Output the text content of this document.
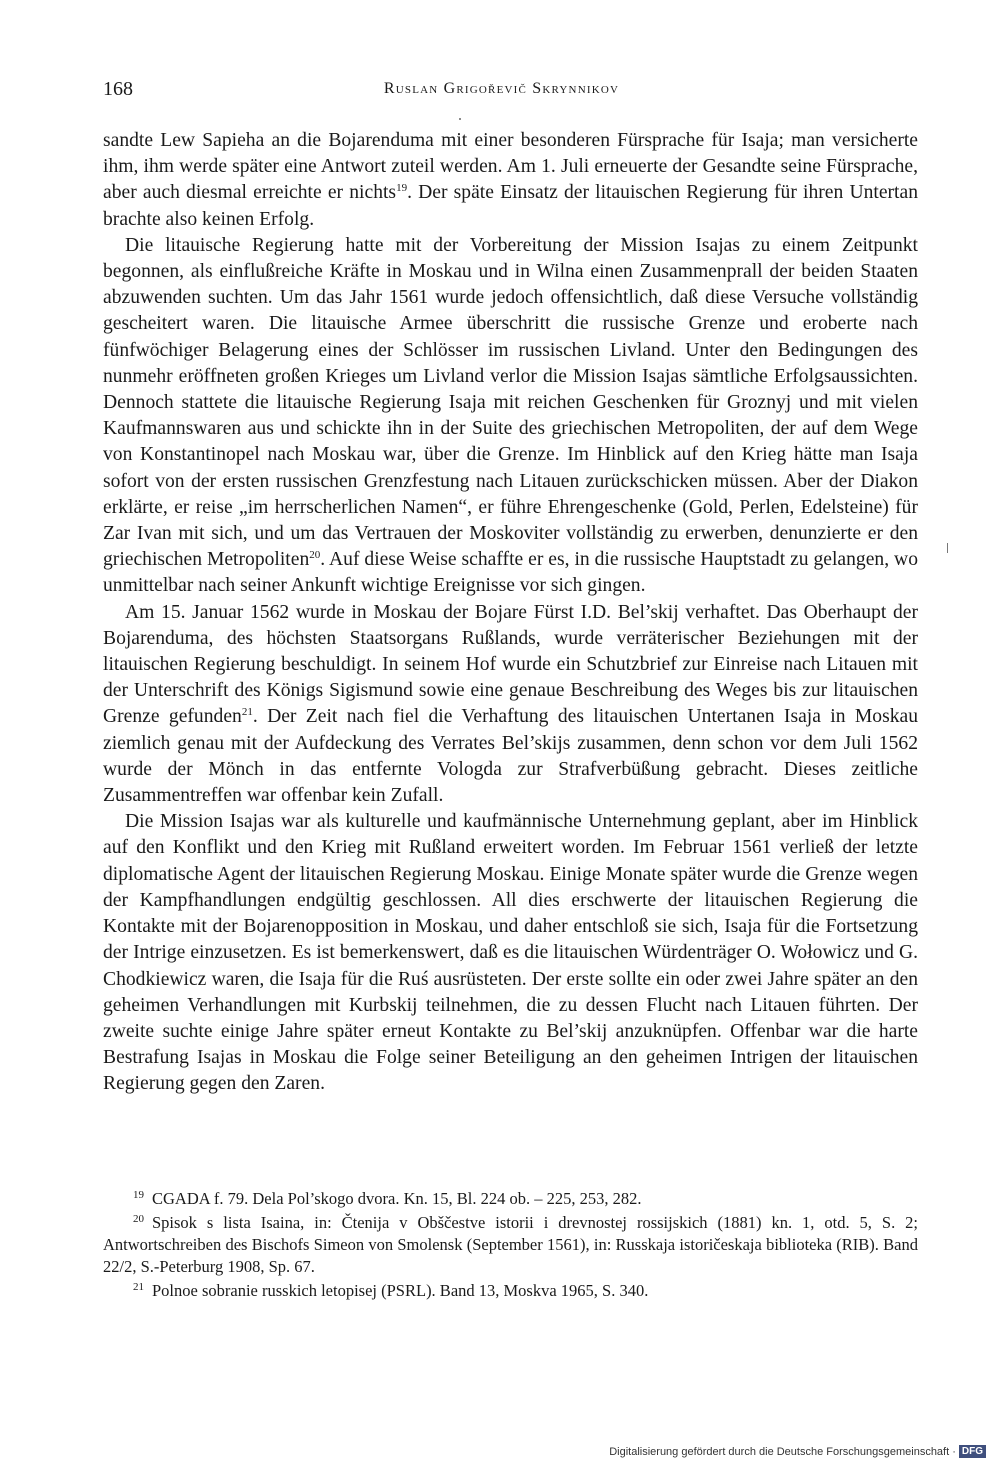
168	Ruslan Grigořevič Skrynnikov

sandte Lew Sapieha an die Bojarenduma mit einer besonderen Fürsprache für Isaja; man versicherte ihm, ihm werde später eine Antwort zuteil werden. Am 1. Juli erneuerte der Gesandte seine Fürsprache, aber auch diesmal erreichte er nichts$^{19}$. Der späte Einsatz der litauischen Regierung für ihren Untertan brachte also keinen Erfolg.

Die litauische Regierung hatte mit der Vorbereitung der Mission Isajas zu einem Zeitpunkt begonnen, als einflußreiche Kräfte in Moskau und in Wilna einen Zusammenprall der beiden Staaten abzuwenden suchten. Um das Jahr 1561 wurde jedoch offensichtlich, daß diese Versuche vollständig gescheitert waren. Die litauische Armee überschritt die russische Grenze und eroberte nach fünfwöchiger Belagerung eines der Schlösser im russischen Livland. Unter den Bedingungen des nunmehr eröffneten großen Krieges um Livland verlor die Mission Isajas sämtliche Erfolgsaussichten. Dennoch stattete die litauische Regierung Isaja mit reichen Geschenken für Groznyj und mit vielen Kaufmannswaren aus und schickte ihn in der Suite des griechischen Metropoliten, der auf dem Wege von Konstantinopel nach Moskau war, über die Grenze. Im Hinblick auf den Krieg hätte man Isaja sofort von der ersten russischen Grenzfestung nach Litauen zurückschicken müssen. Aber der Diakon erklärte, er reise „im herrscherlichen Namen“, er führe Ehrengeschenke (Gold, Perlen, Edelsteine) für Zar Ivan mit sich, und um das Vertrauen der Moskoviter vollständig zu erwerben, denunzierte er den griechischen Metropoliten$^{20}$. Auf diese Weise schaffte er es, in die russische Hauptstadt zu gelangen, wo unmittelbar nach seiner Ankunft wichtige Ereignisse vor sich gingen.

Am 15. Januar 1562 wurde in Moskau der Bojare Fürst I.D. Bel’skij verhaftet. Das Oberhaupt der Bojarenduma, des höchsten Staatsorgans Rußlands, wurde verräterischer Beziehungen mit der litauischen Regierung beschuldigt. In seinem Hof wurde ein Schutzbrief zur Einreise nach Litauen mit der Unterschrift des Königs Sigismund sowie eine genaue Beschreibung des Weges bis zur litauischen Grenze gefunden$^{21}$. Der Zeit nach fiel die Verhaftung des litauischen Untertanen Isaja in Moskau ziemlich genau mit der Aufdeckung des Verrates Bel’skijs zusammen, denn schon vor dem Juli 1562 wurde der Mönch in das entfernte Vologda zur Strafverbüßung gebracht. Dieses zeitliche Zusammentreffen war offenbar kein Zufall.

Die Mission Isajas war als kulturelle und kaufmännische Unternehmung geplant, aber im Hinblick auf den Konflikt und den Krieg mit Rußland erweitert worden. Im Februar 1561 verließ der letzte diplomatische Agent der litauischen Regierung Moskau. Einige Monate später wurde die Grenze wegen der Kampfhandlungen endgültig geschlossen. All dies erschwerte der litauischen Regierung die Kontakte mit der Bojarenopposition in Moskau, und daher entschloß sie sich, Isaja für die Fortsetzung der Intrige einzusetzen. Es ist bemerkenswert, daß es die litauischen Würdenträger O. Wołowicz und G. Chodkiewicz waren, die Isaja für die Ruś ausrüsteten. Der erste sollte ein oder zwei Jahre später an den geheimen Verhandlungen mit Kurbskij teilnehmen, die zu dessen Flucht nach Litauen führten. Der zweite suchte einige Jahre später erneut Kontakte zu Bel’skij anzuknüpfen. Offenbar war die harte Bestrafung Isajas in Moskau die Folge seiner Beteiligung an den geheimen Intrigen der litauischen Regierung gegen den Zaren.

$^{19}$ CGADA f. 79. Dela Pol’skogo dvora. Kn. 15, Bl. 224 ob. – 225, 253, 282.

$^{20}$ Spisok s lista Isaina, in: Čtenija v Obščestve istorii i drevnostej rossijskich (1881) kn. 1, otd. 5, S. 2; Antwortschreiben des Bischofs Simeon von Smolensk (September 1561), in: Russkaja istoričeskaja biblioteka (RIB). Band 22/2, S.-Peterburg 1908, Sp. 67.

$^{21}$ Polnoe sobranie russkich letopisej (PSRL). Band 13, Moskva 1965, S. 340.

Digitalisierung gefördert durch die Deutsche Forschungsgemeinschaft · DFG
